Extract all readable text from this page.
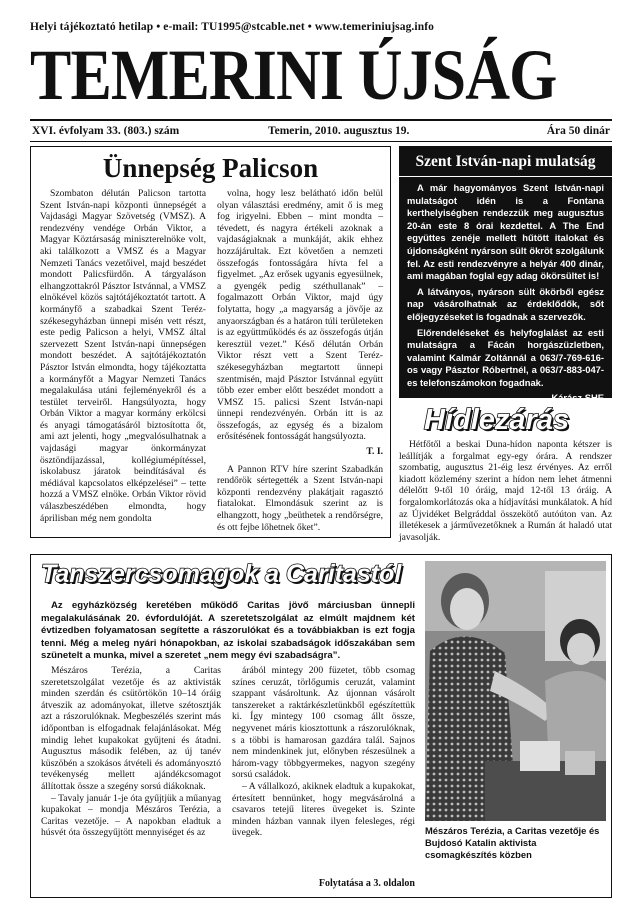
Helyi tájékoztató hetilap • e-mail: TU1995@stcable.net • www.temeriniujsag.info
TEMERINI ÚJSÁG
XVI. évfolyam 33. (803.) szám	Temerin, 2010. augusztus 19.	Ára 50 dinár
Ünnepség Palicson

Szombaton délután Palicson tartotta Szent István-napi központi ünnepségét a Vajdasági Magyar Szövetség (VMSZ). A rendezvény vendége Orbán Viktor, a Magyar Köztársaság miniszterelnöke volt, aki találkozott a VMSZ és a Magyar Nemzeti Tanács vezetőivel, majd beszédet mondott Palicsfürdőn. A tárgyaláson elhangzottakról Pásztor Istvánnal, a VMSZ elnökével közös sajtótájékoztatót tartott. A kormányfő a szabadkai Szent Teréz-székesegyházban ünnepi misén vett részt, este pedig Palicson a helyi, VMSZ által szervezett Szent István-napi ünnepségen mondott beszédet. A sajtótájékoztatón Pásztor István elmondta, hogy tájékoztatta a kormányfőt a Magyar Nemzeti Tanács megalakulása utáni fejleményekről és a testület terveiről. Hangsúlyozta, hogy Orbán Viktor a magyar kormány erkölcsi és anyagi támogatásáról biztosította őt, ami azt jelenti, hogy „megvalósulhatnak a vajdasági magyar önkormányzat ösztöndíjazással, kollégiumépítéssel, iskolabusz járatok beindításával és médiával kapcsolatos elképzelései” – tette hozzá a VMSZ elnöke. Orbán Viktor rövid válaszbeszédében elmondta, hogy áprilisban még nem gondolta

volna, hogy lesz belátható időn belül olyan választási eredmény, amit ő is meg fog irigyelni. Ebben – mint mondta – tévedett, és nagyra értékeli azoknak a vajdaságiaknak a munkáját, akik ehhez hozzájárultak. Ezt követően a nemzeti összefogás fontosságára hívta fel a figyelmet. „Az erősek ugyanis egyesülnek, a gyengék pedig széthullanak” – fogalmazott Orbán Viktor, majd úgy folytatta, hogy „a magyarság a jövője az anyaországban és a határon túli területeken is az együttműködés és az összefogás útján keresztül vezet.” Késő délután Orbán Viktor részt vett a Szent Teréz-székesegyházban megtartott ünnepi szentmisén, majd Pásztor Istvánnal együtt több ezer ember előtt beszédet mondott a VMSZ 15. palicsi Szent István-napi ünnepi rendezvényén. Orbán itt is az összefogás, az egység és a bizalom erősítésének fontosságát hangsúlyozta.

T. I.

A Pannon RTV hírе szerint Szabadkán rendőrök sértegették a Szent István-napi központi rendezvény plakátjait ragasztó fiatalokat. Elmondásuk szerint az is elhangzott, hogy „beüthetek a rendőrségre, és ott fejbe lőhetnek őket”.

Szent István-napi mulatság

A már hagyományos Szent István-napi mulatságot idén is a Fontana kerthelyiségben rendezzük meg augusztus 20-án este 8 órai kezdettel. A The End együttes zenéje mellett hűtött italokat és újdonságként nyárson sült ökröt szolgálunk fel. Az esti rendezvényre a helyár 400 dinár, ami magában foglal egy adag ökörsültet is!

A látványos, nyárson sült ökörből egész nap vásárolhatnak az érdeklődők, sőt előjegyzéseket is fogadnak a szervezők.

Előrendeléseket és helyfoglalást az esti mulatságra a Fácán horgászüzletben, valamint Kalmár Zoltánnál a 063/7-769-616-os vagy Pásztor Róbertnél, a 063/7-883-047-es telefonszámokon fogadnak.

Kárász SHE
Hídlezárás

Hétfőtől a beskai Duna-hídon naponta kétszer is leállítják a forgalmat egy-egy órára. A rendszer szombatig, augusztus 21-éig lesz érvényes. Az erről kiadott közlemény szerint a hídon nem lehet átmenni délelőtt 9-től 10 óráig, majd 12-től 13 óráig. A forgalomkorlátozás oka a hídjavítási munkálatok. A híd az Újvidéket Belgráddal összekötő autóúton van. Az illetékesek a járművezetőknek a Rumán át haladó utat javasolják.

Tanszercsomagok a Caritastól

Az egyházközség keretében működő Caritas jövő márciusban ünnepli megalakulásának 20. évfordulóját. A szeretetszolgálat az elmúlt majdnem két évtizedben folyamatosan segítette a rászorulókat és a továbbiakban is ezt fogja tenni. Még a meleg nyári hónapokban, az iskolai szabadságok időszakában sem szünetelt a munka, mivel a szeretet „nem megy évi szabadságra”.

Mészáros Terézia, a Caritas szeretetszolgálat vezetője és az aktivisták minden szerdán és csütörtökön 10–14 óráig átveszik az adományokat, illetve szétosztják azt a rászorulóknak. Megbeszélés szerint más időpontban is elfogadnak felajánlásokat. Még mindig lehet kupakokat gyűjteni és átadni. Augusztus második felében, az új tanév küszöbén a szokásos átvételi és adományosztó tevékenység mellett ajándékcsomagot állítottak össze a szegény sorsú diákoknak.

– Tavaly január 1-je óta gyűjtjük a műanyag kupakokat – mondja Mészáros Terézia, a Caritas vezetője. – A napokban eladtuk a húsvét óta összegyűjtött mennyiséget és az

árából mintegy 200 füzetet, több csomag színes ceruzát, törlőgumis ceruzát, valamint szappant vásároltunk. Az újonnan vásárolt tanszereket a raktárkészletünkből egészítettük ki. Így mintegy 100 csomag állt össze, negyvenet máris kiosztottunk a rászorulóknak, s a többi is hamarosan gazdára talál. Sajnos nem mindenkinek jut, előnyben részesülnek a három-vagy többgyermekes, nagyon szegény sorsú családok.

– A vállalkozó, akiknek eladtuk a kupakokat, értesített bennünket, hogy megvásárolná a csavaros tetejű literes üvegeket is. Szinte minden házban vannak ilyen felesleges, régi üvegek.

Folytatása a 3. oldalon
Mészáros Terézia, a Caritas vezetője és Bujdosó Katalin aktivista csomagkészítés közben
